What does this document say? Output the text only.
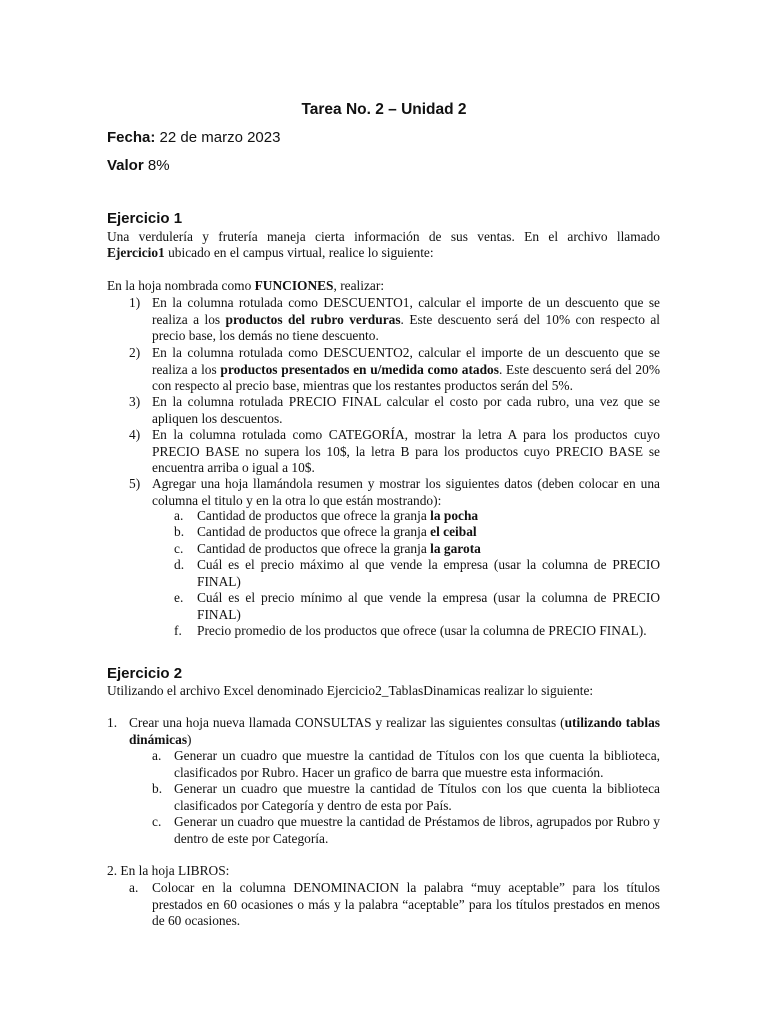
Tarea No. 2 – Unidad 2
Fecha: 22 de marzo 2023
Valor 8%
Ejercicio 1
Una verdulería y frutería maneja cierta información de sus ventas. En el archivo llamado
Ejercicio1 ubicado en el campus virtual, realice lo siguiente:
En la hoja nombrada como FUNCIONES, realizar:
1) En la columna rotulada como DESCUENTO1, calcular el importe de un descuento que se realiza a los productos del rubro verduras. Este descuento será del 10% con respecto al precio base, los demás no tiene descuento.
2) En la columna rotulada como DESCUENTO2, calcular el importe de un descuento que se realiza a los productos presentados en u/medida como atados. Este descuento será del 20% con respecto al precio base, mientras que los restantes productos serán del 5%.
3) En la columna rotulada PRECIO FINAL calcular el costo por cada rubro, una vez que se apliquen los descuentos.
4) En la columna rotulada como CATEGORÍA, mostrar la letra A para los productos cuyo PRECIO BASE no supera los 10$, la letra B para los productos cuyo PRECIO BASE se encuentra arriba o igual a 10$.
5) Agregar una hoja llamándola resumen y mostrar los siguientes datos (deben colocar en una columna el titulo y en la otra lo que están mostrando):
a. Cantidad de productos que ofrece la granja la pocha
b. Cantidad de productos que ofrece la granja el ceibal
c. Cantidad de productos que ofrece la granja la garota
d. Cuál es el precio máximo al que vende la empresa (usar la columna de PRECIO FINAL)
e. Cuál es el precio mínimo al que vende la empresa (usar la columna de PRECIO FINAL)
f. Precio promedio de los productos que ofrece (usar la columna de PRECIO FINAL).
Ejercicio 2
Utilizando el archivo Excel denominado Ejercicio2_TablasDinamicas realizar lo siguiente:
1. Crear una hoja nueva llamada CONSULTAS y realizar las siguientes consultas (utilizando tablas dinámicas)
a. Generar un cuadro que muestre la cantidad de Títulos con los que cuenta la biblioteca, clasificados por Rubro. Hacer un grafico de barra que muestre esta información.
b. Generar un cuadro que muestre la cantidad de Títulos con los que cuenta la biblioteca clasificados por Categoría y dentro de esta por País.
c. Generar un cuadro que muestre la cantidad de Préstamos de libros, agrupados por Rubro y dentro de este por Categoría.
2. En la hoja LIBROS:
a. Colocar en la columna DENOMINACION la palabra “muy aceptable” para los títulos prestados en 60 ocasiones o más y la palabra “aceptable” para los títulos prestados en menos de 60 ocasiones.
